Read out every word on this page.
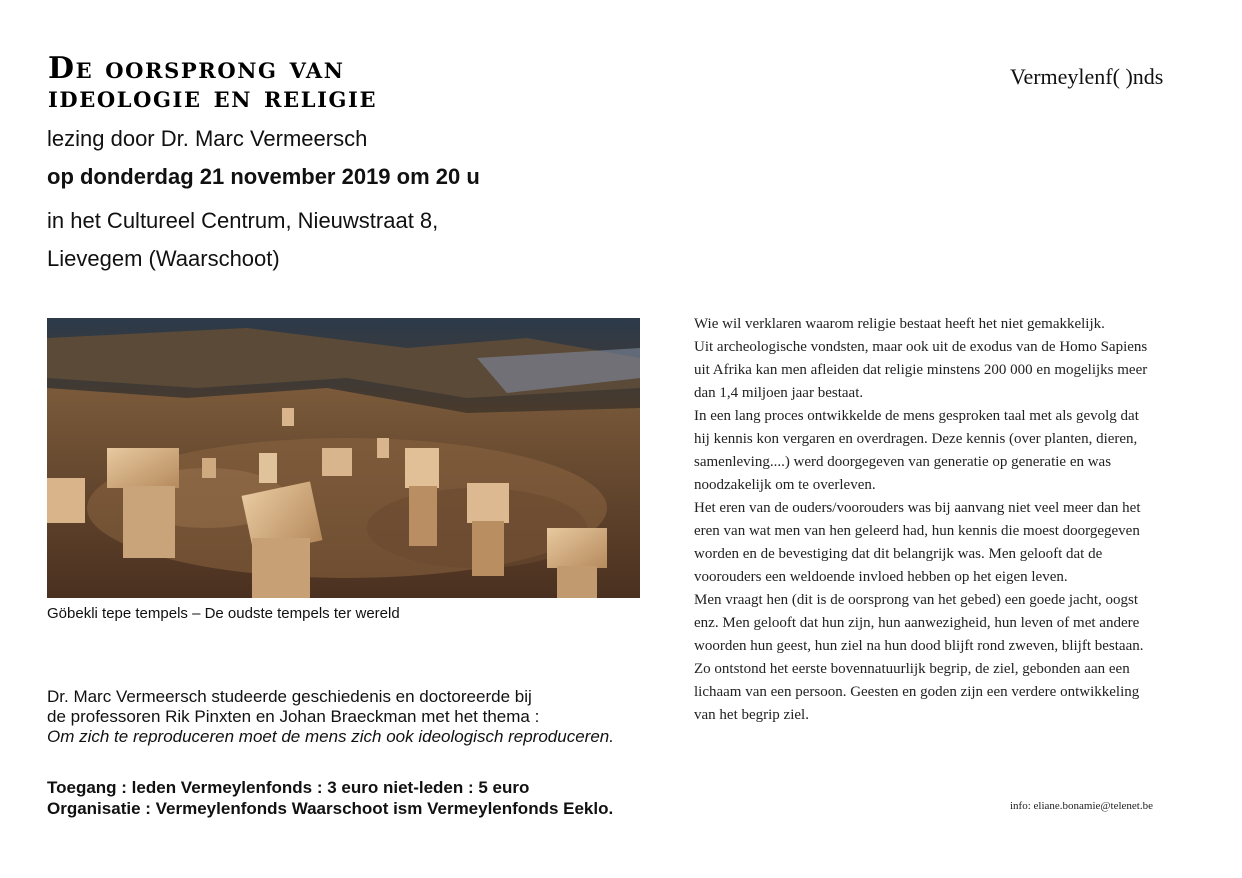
De oorsprong van
ideologie en religie
lezing door Dr. Marc Vermeersch
op donderdag 21 november 2019 om 20 u
in het Cultureel Centrum, Nieuwstraat 8,
Lievegem (Waarschoot)
Vermeylenf( )nds
Göbekli tepe tempels – De oudste tempels ter wereld
Dr. Marc Vermeersch studeerde geschiedenis en doctoreerde bij
de professoren Rik Pinxten en Johan Braeckman met het thema :
Om zich te reproduceren moet de mens zich ook ideologisch reproduceren.
Toegang : leden Vermeylenfonds : 3 euro niet-leden : 5 euro
Organisatie : Vermeylenfonds Waarschoot ism Vermeylenfonds Eeklo.
Wie wil verklaren waarom religie bestaat heeft het niet gemakkelijk.
Uit archeologische vondsten, maar ook uit de exodus van de Homo Sapiens
uit Afrika kan men afleiden dat religie minstens 200 000 en mogelijks meer
dan 1,4 miljoen jaar bestaat.
In een lang proces ontwikkelde de mens gesproken taal met als gevolg dat
hij kennis kon vergaren en overdragen. Deze kennis (over planten, dieren,
samenleving....) werd doorgegeven van generatie op generatie en was
noodzakelijk om te overleven.
Het eren van de ouders/voorouders was bij aanvang niet veel meer dan het
eren van wat men van hen geleerd had, hun kennis die moest doorgegeven
worden en de bevestiging dat dit belangrijk was. Men gelooft dat de
voorouders een weldoende invloed hebben op het eigen leven.
Men vraagt hen (dit is de oorsprong van het gebed) een goede jacht, oogst
enz. Men gelooft dat hun zijn, hun aanwezigheid, hun leven of met andere
woorden hun geest, hun ziel na hun dood blijft rond zweven, blijft bestaan.
Zo ontstond het eerste bovennatuurlijk begrip, de ziel, gebonden aan een
lichaam van een persoon. Geesten en goden zijn een verdere ontwikkeling
van het begrip ziel.
info: eliane.bonamie@telenet.be
